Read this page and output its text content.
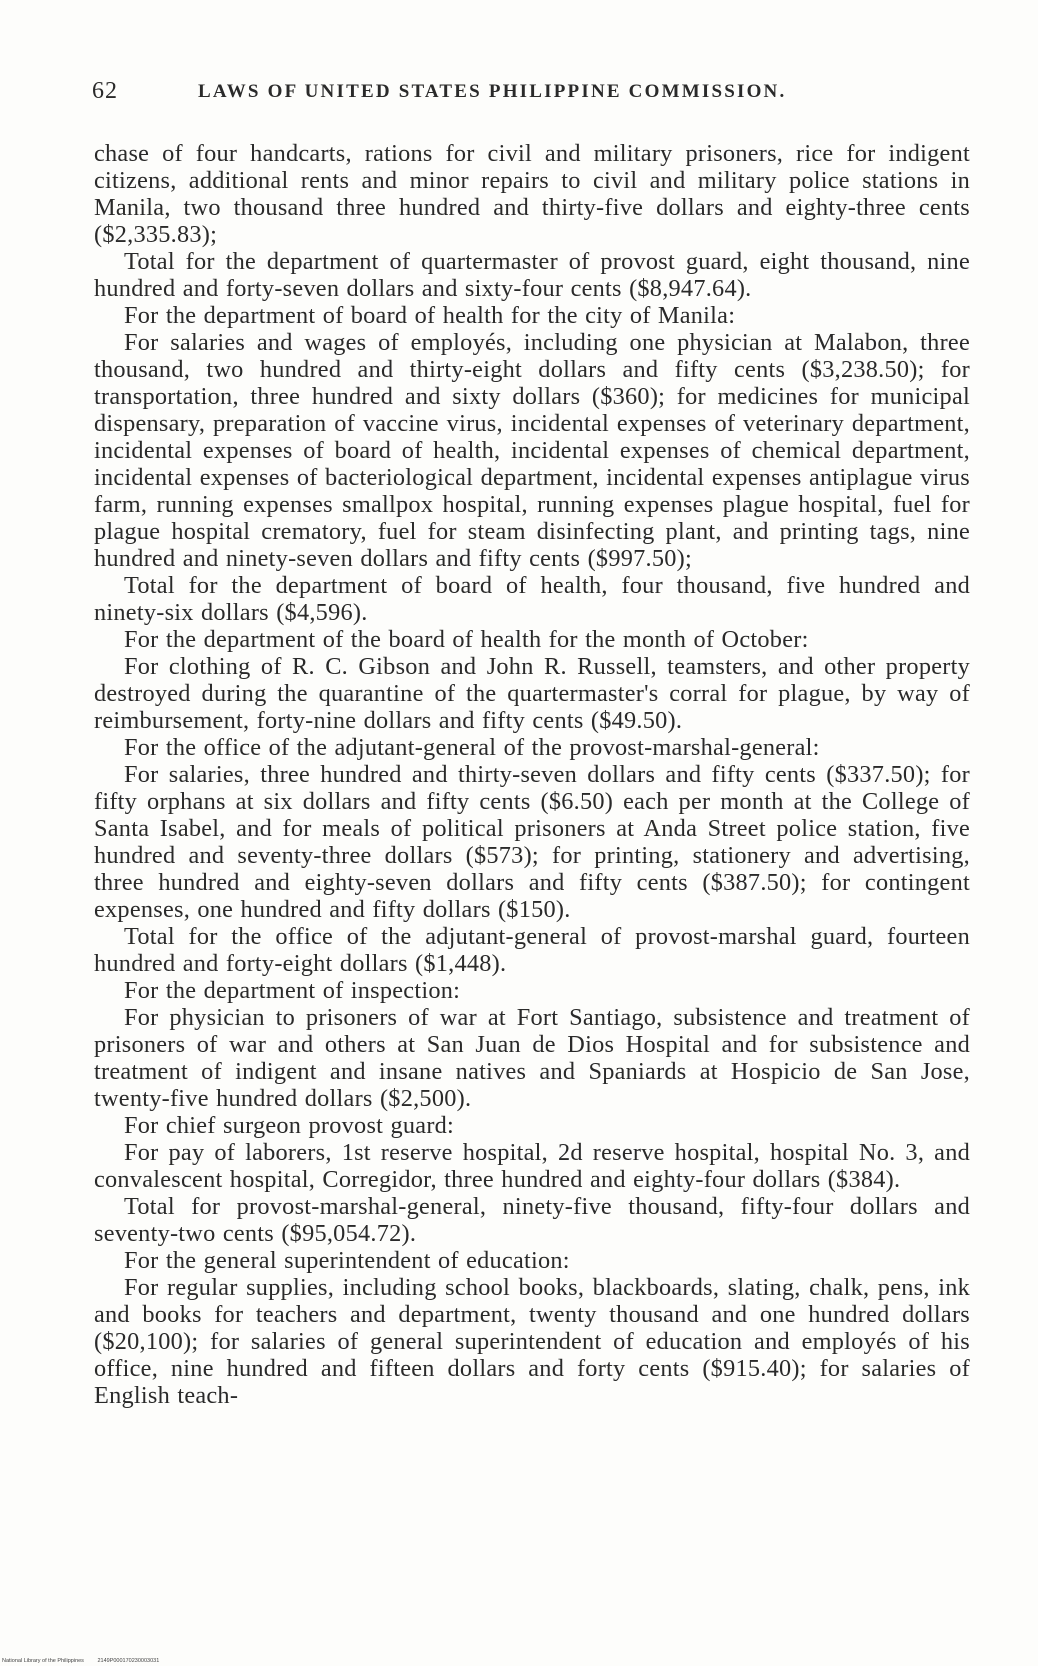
62	LAWS OF UNITED STATES PHILIPPINE COMMISSION.

chase of four handcarts, rations for civil and military prisoners, rice for indigent citizens, additional rents and minor repairs to civil and military police stations in Manila, two thousand three hundred and thirty-five dollars and eighty-three cents ($2,335.83);

Total for the department of quartermaster of provost guard, eight thousand, nine hundred and forty-seven dollars and sixty-four cents ($8,947.64).

For the department of board of health for the city of Manila:

For salaries and wages of employés, including one physician at Malabon, three thousand, two hundred and thirty-eight dollars and fifty cents ($3,238.50); for transportation, three hundred and sixty dollars ($360); for medicines for municipal dispensary, preparation of vaccine virus, incidental expenses of veterinary department, incidental expenses of board of health, incidental expenses of chemical department, incidental expenses of bacteriological department, incidental expenses antiplague virus farm, running expenses smallpox hospital, running expenses plague hospital, fuel for plague hospital crematory, fuel for steam disinfecting plant, and printing tags, nine hundred and ninety-seven dollars and fifty cents ($997.50);

Total for the department of board of health, four thousand, five hundred and ninety-six dollars ($4,596).

For the department of the board of health for the month of October:

For clothing of R. C. Gibson and John R. Russell, teamsters, and other property destroyed during the quarantine of the quartermaster's corral for plague, by way of reimbursement, forty-nine dollars and fifty cents ($49.50).

For the office of the adjutant-general of the provost-marshal-general:

For salaries, three hundred and thirty-seven dollars and fifty cents ($337.50); for fifty orphans at six dollars and fifty cents ($6.50) each per month at the College of Santa Isabel, and for meals of political prisoners at Anda Street police station, five hundred and seventy-three dollars ($573); for printing, stationery and advertising, three hundred and eighty-seven dollars and fifty cents ($387.50); for contingent expenses, one hundred and fifty dollars ($150).

Total for the office of the adjutant-general of provost-marshal guard, fourteen hundred and forty-eight dollars ($1,448).

For the department of inspection:

For physician to prisoners of war at Fort Santiago, subsistence and treatment of prisoners of war and others at San Juan de Dios Hospital and for subsistence and treatment of indigent and insane natives and Spaniards at Hospicio de San Jose, twenty-five hundred dollars ($2,500).

For chief surgeon provost guard:

For pay of laborers, 1st reserve hospital, 2d reserve hospital, hospital No. 3, and convalescent hospital, Corregidor, three hundred and eighty-four dollars ($384).

Total for provost-marshal-general, ninety-five thousand, fifty-four dollars and seventy-two cents ($95,054.72).

For the general superintendent of education:

For regular supplies, including school books, blackboards, slating, chalk, pens, ink and books for teachers and department, twenty thousand and one hundred dollars ($20,100); for salaries of general superintendent of education and employés of his office, nine hundred and fifteen dollars and forty cents ($915.40); for salaries of English teach-

National Library of the Philippines 2149P000170230003031
